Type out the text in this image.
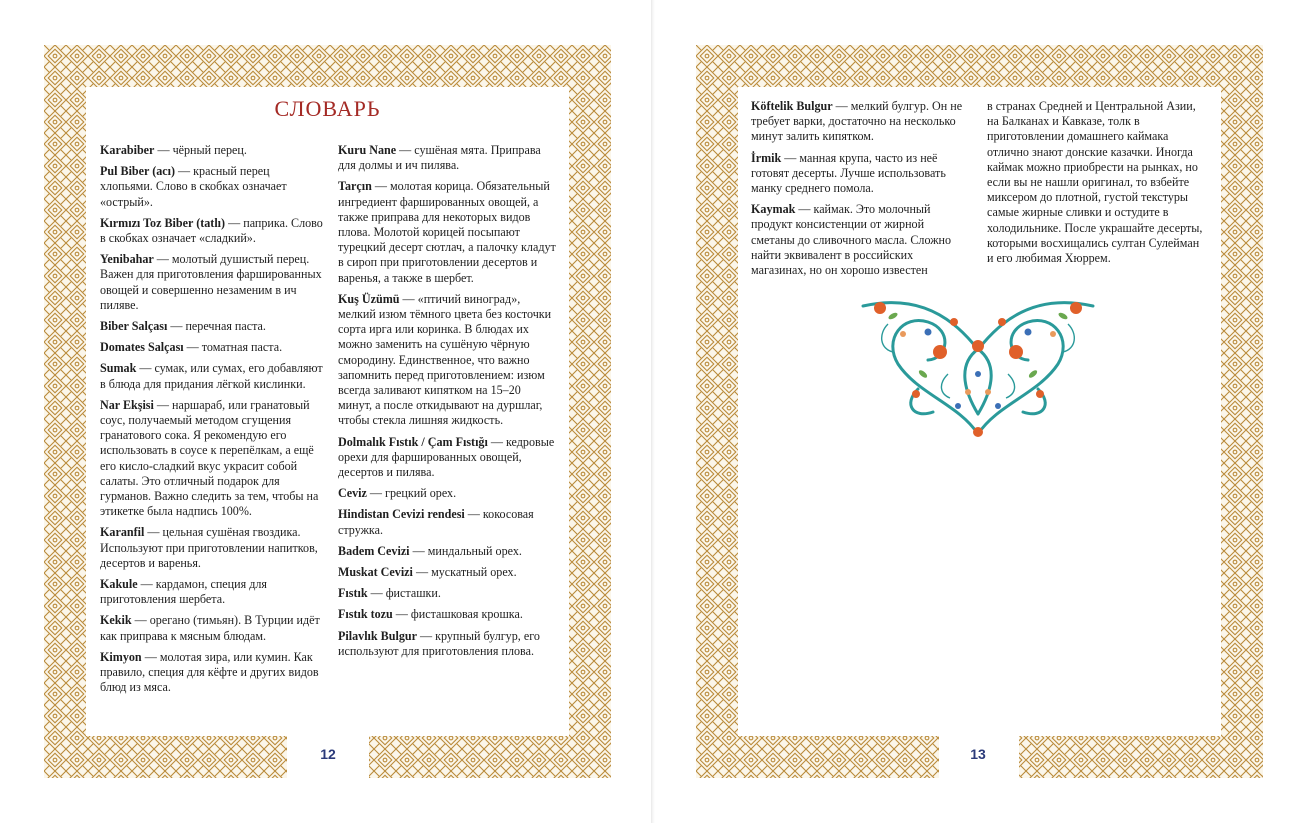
СЛОВАРЬ

Karabiber — чёрный перец.

Pul Biber (acı) — красный перец хлопьями. Слово в скобках означает «острый».

Kırmızı Toz Biber (tatlı) — паприка. Слово в скобках означает «сладкий».

Yenibahar — молотый душистый перец. Важен для приготовления фаршированных овощей и совершенно незаменим в ич пиляве.

Biber Salçası — перечная паста.

Domates Salçası — томатная паста.

Sumak — сумак, или сумах, его добавляют в блюда для придания лёгкой кислинки.

Nar Ekşisi — наршараб, или гранатовый соус, получаемый методом сгущения гранатового сока. Я рекомендую его использовать в соусе к перепёлкам, а ещё его кисло-сладкий вкус украсит собой салаты. Это отличный подарок для гурманов. Важно следить за тем, чтобы на этикетке была надпись 100%.

Karanfil — цельная сушёная гвоздика. Используют при приготовлении напитков, десертов и варенья.

Kakule — кардамон, специя для приготовления шербета.

Kekik — орегано (тимьян). В Турции идёт как приправа к мясным блюдам.

Kimyon — молотая зира, или кумин. Как правило, специя для кёфте и других видов блюд из мяса.

Kuru Nane — сушёная мята. Приправа для долмы и ич пилява.

Tarçın — молотая корица. Обязательный ингредиент фаршированных овощей, а также приправа для некоторых видов плова. Молотой корицей посыпают турецкий десерт сютлач, а палочку кладут в сироп при приготовлении десертов и варенья, а также в шербет.

Kuş Üzümü — «птичий виноград», мелкий изюм тёмного цвета без косточки сорта ирга или коринка. В блюдах их можно заменить на сушёную чёрную смородину. Единственное, что важно запомнить перед приготовлением: изюм всегда заливают кипятком на 15–20 минут, а после откидывают на дуршлаг, чтобы стекла лишняя жидкость.

Dolmalık Fıstık / Çam Fıstığı — кедровые орехи для фаршированных овощей, десертов и пилява.

Ceviz — грецкий орех.

Hindistan Cevizi rendesi — кокосовая стружка.

Badem Cevizi — миндальный орех.

Muskat Cevizi — мускатный орех.

Fıstık — фисташки.

Fıstık tozu — фисташковая крошка.

Pilavlık Bulgur — крупный булгур, его используют для приготовления плова.

12

Köftelik Bulgur — мелкий булгур. Он не требует варки, достаточно на несколько минут залить кипятком.

İrmik — манная крупа, часто из неё готовят десерты. Лучше использовать манку среднего помола.

Kaymak — каймак. Это молочный продукт консистенции от жирной сметаны до сливочного масла. Сложно найти эквивалент в российских магазинах, но он хорошо известен

в странах Средней и Центральной Азии, на Балканах и Кавказе, толк в приготовлении домашнего каймака отлично знают донские казачки. Иногда каймак можно приобрести на рынках, но если вы не нашли оригинал, то взбейте миксером до плотной, густой текстуры самые жирные сливки и остудите в холодильнике. После украшайте десерты, которыми восхищались султан Сулейман и его любимая Хюррем.

13
